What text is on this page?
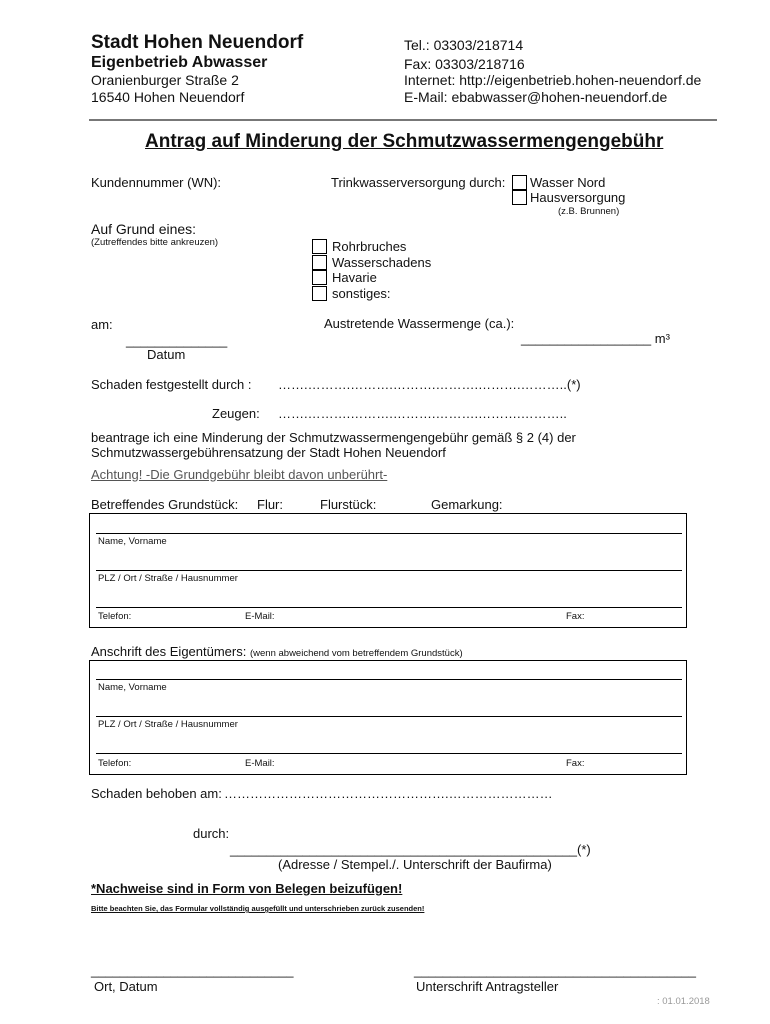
Stadt Hohen Neuendorf
Eigenbetrieb Abwasser
Oranienburger Straße 2
16540 Hohen Neuendorf
Tel.: 03303/218714
Fax: 03303/218716
Internet: http://eigenbetrieb.hohen-neuendorf.de
E-Mail: ebabwasser@hohen-neuendorf.de
Antrag auf Minderung der Schmutzwassermengengebühr
Kundennummer (WN):	Trinkwasserversorgung durch: Wasser Nord
Hausversorgung
(z.B. Brunnen)
Auf Grund eines:
(Zutreffendes bitte ankreuzen)	Rohrbruches
Wasserschadens
Havarie
sonstiges:
am:	Austretende Wassermenge (ca.):
______________	__________________ m³
Datum
Schaden festgestellt durch : …….……….……….……….……….……….………..(*)
Zeugen: …….……….……….……….……….……….………..
beantrage ich eine Minderung der Schmutzwassermengengebühr gemäß § 2 (4) der
Schmutzwassergebührensatzung der Stadt Hohen Neuendorf
Achtung! -Die Grundgebühr bleibt davon unberührt-
Betreffendes Grundstück: Flur:	Flurstück:	Gemarkung:
Name, Vorname
PLZ / Ort / Straße / Hausnummer
Telefon:	E-Mail:	Fax:
Anschrift des Eigentümers: (wenn abweichend vom betreffendem Grundstück)
Name, Vorname
PLZ / Ort / Straße / Hausnummer
Telefon:	E-Mail:	Fax:
Schaden behoben am: …………………………………………….……………………
durch:
________________________________________________(*)
(Adresse / Stempel./. Unterschrift der Baufirma)
*Nachweise sind in Form von Belegen beizufügen!
Bitte beachten Sie, das Formular vollständig ausgefüllt und unterschrieben zurück zusenden!
____________________________
Ort, Datum
_______________________________________
Unterschrift Antragsteller
: 01.01.2018
